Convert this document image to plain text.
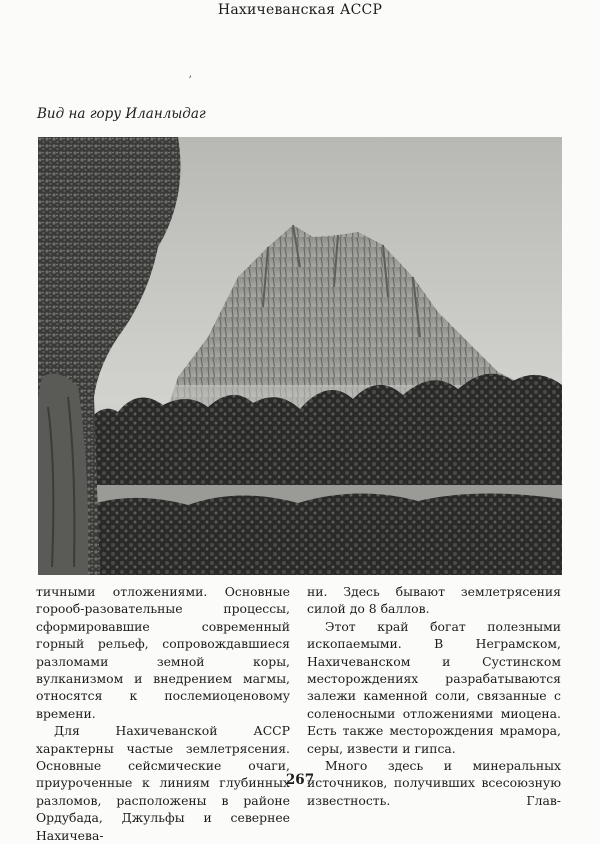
Нахичеванская АССР
ʼ
Вид на гору Иланлыдаг

тичными отложениями. Основные горооб-разовательные процессы, сформировавшие современный горный рельеф, сопровождавшиеся разломами земной коры, вулканизмом и внедрением магмы, относятся к послемиоценовому времени.

Для Нахичеванской АССР характерны частые землетрясения. Основные сейсмические очаги, приуроченные к линиям глубинных разломов, расположены в районе Ордубада, Джульфы и севернее Нахичева-

ни. Здесь бывают землетрясения силой до 8 баллов.

Этот край богат полезными ископаемыми. В Неграмском, Нахичеванском и Сустинском месторождениях разрабатываются залежи каменной соли, связанные с соленосными отложениями миоцена. Есть также месторождения мрамора, серы, извести и гипса.

Много здесь и минеральных источников, получивших всесоюзную известность. Глав-

267
